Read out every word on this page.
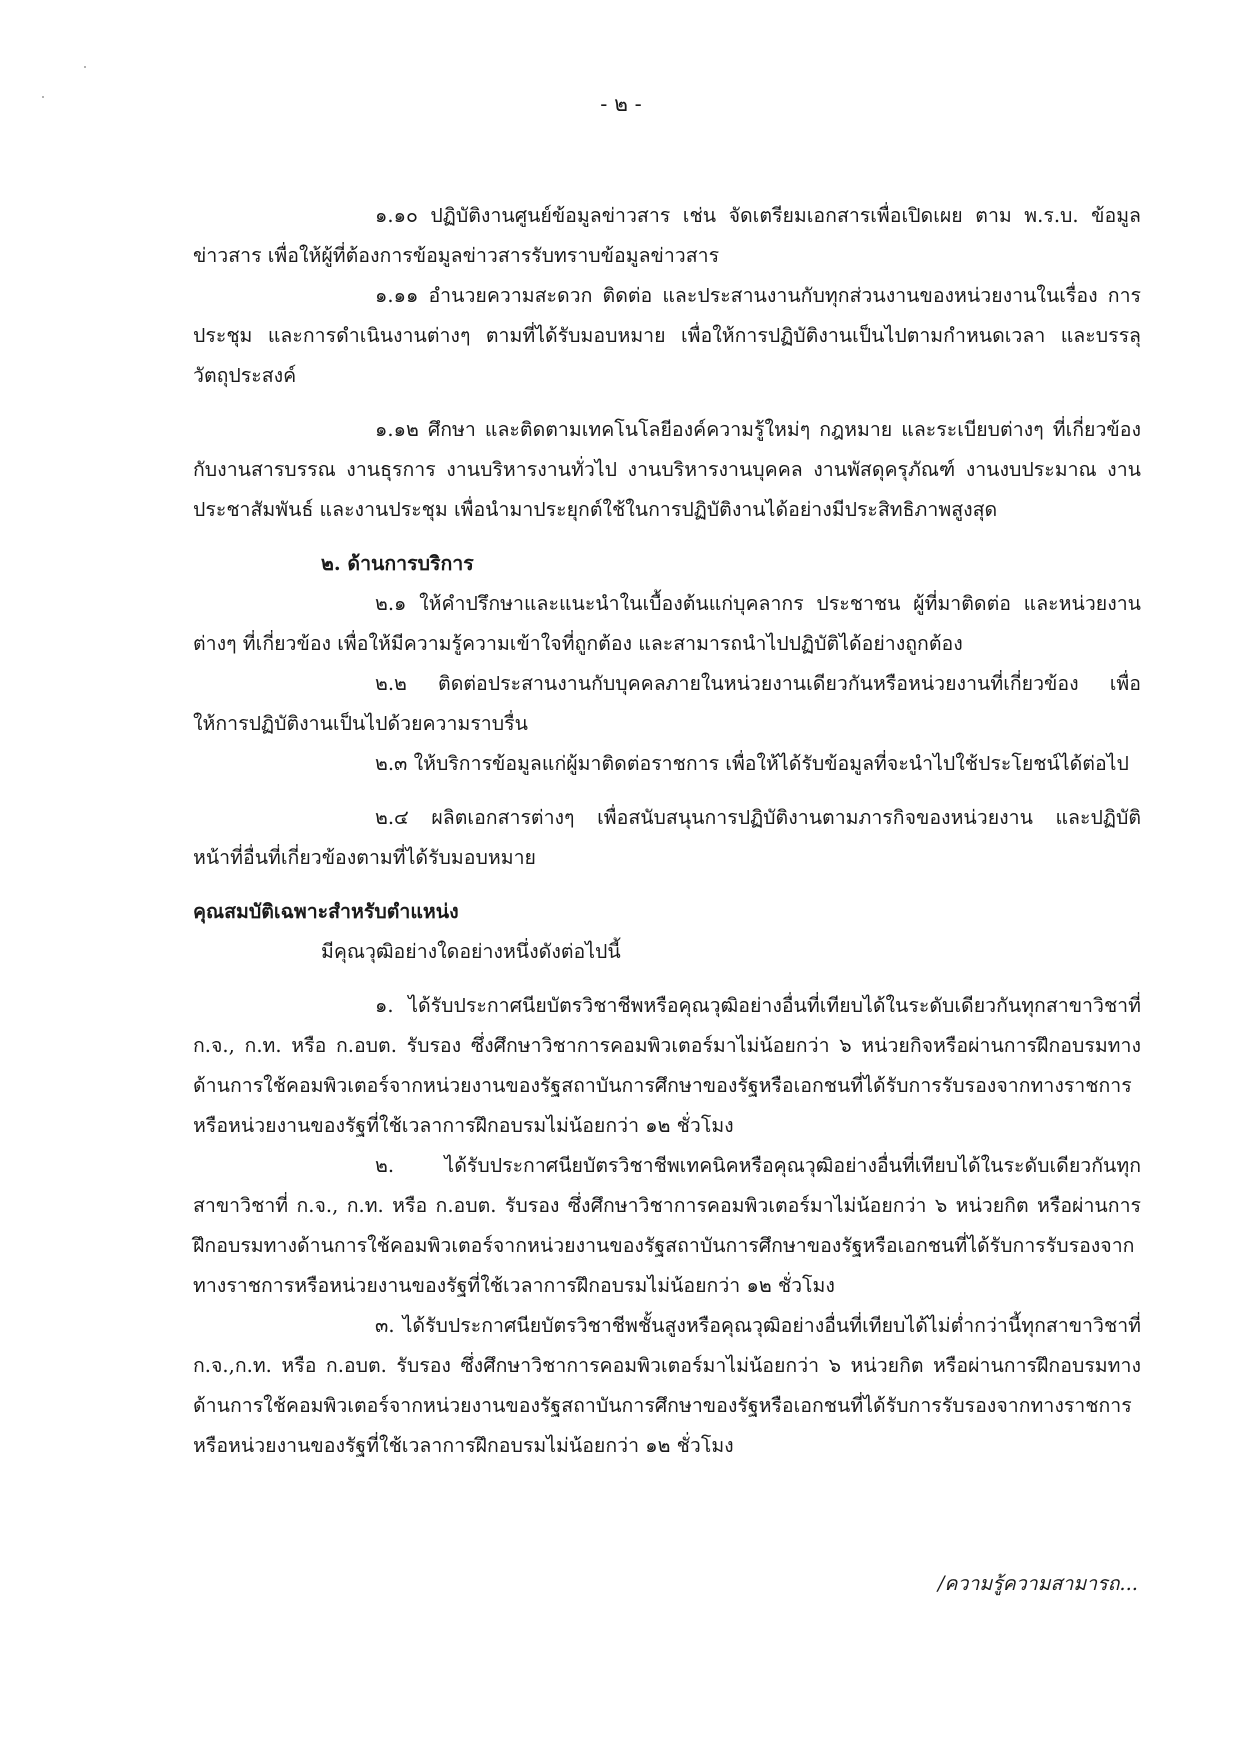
- ๒ -

๑.๑๐ ปฏิบัติงานศูนย์ข้อมูลข่าวสาร เช่น จัดเตรียมเอกสารเพื่อเปิดเผย ตาม พ.ร.บ. ข้อมูลข่าวสาร เพื่อให้ผู้ที่ต้องการข้อมูลข่าวสารรับทราบข้อมูลข่าวสาร

๑.๑๑ อำนวยความสะดวก ติดต่อ และประสานงานกับทุกส่วนงานของหน่วยงานในเรื่อง การประชุม และการดำเนินงานต่างๆ ตามที่ได้รับมอบหมาย เพื่อให้การปฏิบัติงานเป็นไปตามกำหนดเวลา และบรรลุวัตถุประสงค์

๑.๑๒ ศึกษา และติดตามเทคโนโลยีองค์ความรู้ใหม่ๆ กฎหมาย และระเบียบต่างๆ ที่เกี่ยวข้องกับงานสารบรรณ งานธุรการ งานบริหารงานทั่วไป งานบริหารงานบุคคล งานพัสดุครุภัณฑ์ งานงบประมาณ งานประชาสัมพันธ์ และงานประชุม เพื่อนำมาประยุกต์ใช้ในการปฏิบัติงานได้อย่างมีประสิทธิภาพสูงสุด

๒. ด้านการบริการ

๒.๑ ให้คำปรึกษาและแนะนำในเบื้องต้นแก่บุคลากร ประชาชน ผู้ที่มาติดต่อ และหน่วยงานต่างๆ ที่เกี่ยวข้อง เพื่อให้มีความรู้ความเข้าใจที่ถูกต้อง และสามารถนำไปปฏิบัติได้อย่างถูกต้อง

๒.๒ ติดต่อประสานงานกับบุคคลภายในหน่วยงานเดียวกันหรือหน่วยงานที่เกี่ยวข้อง เพื่อให้การปฏิบัติงานเป็นไปด้วยความราบรื่น

๒.๓ ให้บริการข้อมูลแก่ผู้มาติดต่อราชการ เพื่อให้ได้รับข้อมูลที่จะนำไปใช้ประโยชน์ได้ต่อไป

๒.๔ ผลิตเอกสารต่างๆ เพื่อสนับสนุนการปฏิบัติงานตามภารกิจของหน่วยงาน และปฏิบัติหน้าที่อื่นที่เกี่ยวข้องตามที่ได้รับมอบหมาย

คุณสมบัติเฉพาะสำหรับตำแหน่ง

มีคุณวุฒิอย่างใดอย่างหนึ่งดังต่อไปนี้

๑. ได้รับประกาศนียบัตรวิชาชีพหรือคุณวุฒิอย่างอื่นที่เทียบได้ในระดับเดียวกันทุกสาขาวิชาที่ ก.จ., ก.ท. หรือ ก.อบต. รับรอง ซึ่งศึกษาวิชาการคอมพิวเตอร์มาไม่น้อยกว่า ๖ หน่วยกิจหรือผ่านการฝึกอบรมทางด้านการใช้คอมพิวเตอร์จากหน่วยงานของรัฐสถาบันการศึกษาของรัฐหรือเอกชนที่ได้รับการรับรองจากทางราชการหรือหน่วยงานของรัฐที่ใช้เวลาการฝึกอบรมไม่น้อยกว่า ๑๒ ชั่วโมง

๒. ได้รับประกาศนียบัตรวิชาชีพเทคนิคหรือคุณวุฒิอย่างอื่นที่เทียบได้ในระดับเดียวกันทุกสาขาวิชาที่ ก.จ., ก.ท. หรือ ก.อบต. รับรอง ซึ่งศึกษาวิชาการคอมพิวเตอร์มาไม่น้อยกว่า ๖ หน่วยกิต หรือผ่านการฝึกอบรมทางด้านการใช้คอมพิวเตอร์จากหน่วยงานของรัฐสถาบันการศึกษาของรัฐหรือเอกชนที่ได้รับการรับรองจากทางราชการหรือหน่วยงานของรัฐที่ใช้เวลาการฝึกอบรมไม่น้อยกว่า ๑๒ ชั่วโมง

๓. ได้รับประกาศนียบัตรวิชาชีพชั้นสูงหรือคุณวุฒิอย่างอื่นที่เทียบได้ไม่ต่ำกว่านี้ทุกสาขาวิชาที่ ก.จ.,ก.ท. หรือ ก.อบต. รับรอง ซึ่งศึกษาวิชาการคอมพิวเตอร์มาไม่น้อยกว่า ๖ หน่วยกิต หรือผ่านการฝึกอบรมทางด้านการใช้คอมพิวเตอร์จากหน่วยงานของรัฐสถาบันการศึกษาของรัฐหรือเอกชนที่ได้รับการรับรองจากทางราชการหรือหน่วยงานของรัฐที่ใช้เวลาการฝึกอบรมไม่น้อยกว่า ๑๒ ชั่วโมง

/ความรู้ความสามารถ...
